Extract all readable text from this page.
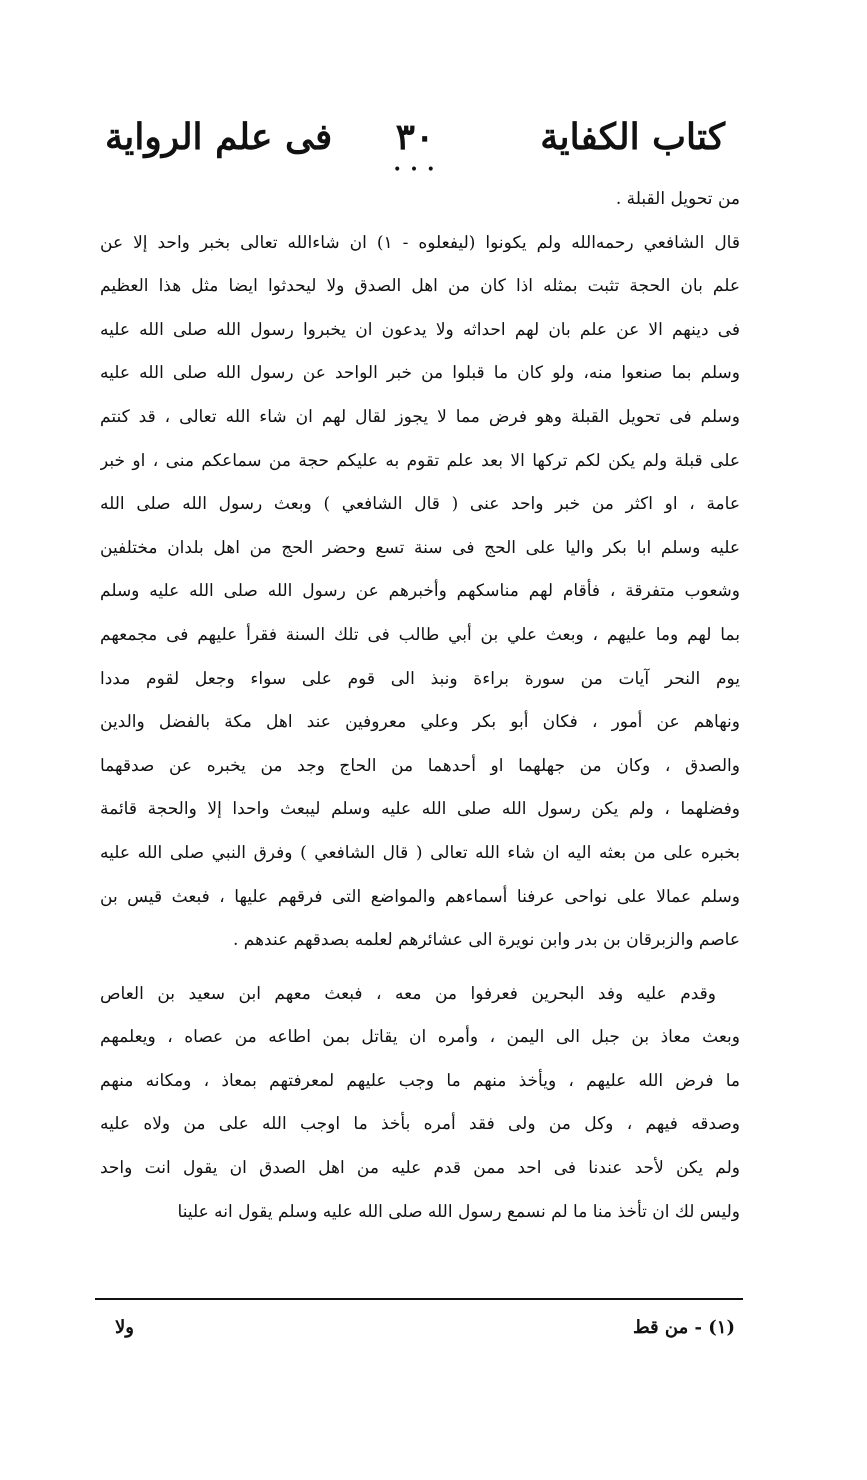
كتاب الكفاية
٣٠
• • •
فى علم الرواية
من تحويل القبلة .
قال الشافعي رحمه‌الله ولم يكونوا (ليفعلوه - ١) ان شاء‌الله تعالى بخبر واحد إلا عن
علم بان الحجة تثبت بمثله اذا كان من اهل الصدق ولا ليحدثوا ايضا مثل هذا العظيم
فى دينهم الا عن علم بان لهم احداثه ولا يدعون ان يخبروا رسول الله صلى الله عليه
وسلم بما صنعوا منه، ولو كان ما قبلوا من خبر الواحد عن رسول الله صلى الله عليه
وسلم فى تحويل القبلة وهو فرض مما لا يجوز لقال لهم ان شاء الله تعالى ، قد كنتم
على قبلة ولم يكن لكم تركها الا بعد علم تقوم به عليكم حجة من سماعكم منى ، او خبر
عامة ، او اكثر من خبر واحد عنى ( قال الشافعي ) وبعث رسول الله صلى الله
عليه وسلم ابا بكر واليا على الحج فى سنة تسع وحضر الحج من اهل بلدان مختلفين
وشعوب متفرقة ، فأقام لهم مناسكهم وأخبرهم عن رسول الله صلى الله عليه وسلم
بما لهم وما عليهم ، وبعث علي بن أبي طالب فى تلك السنة فقرأ عليهم فى مجمعهم
يوم النحر آيات من سورة براءة ونبذ الى قوم على سواء وجعل لقوم مددا
ونهاهم عن أمور ، فكان أبو بكر وعلي معروفين عند اهل مكة بالفضل والدين
والصدق ، وكان من جهلهما او أحدهما من الحاج وجد من يخبره عن صدقهما
وفضلهما ، ولم يكن رسول الله صلى الله عليه وسلم ليبعث واحدا إلا والحجة قائمة
بخبره على من بعثه اليه ان شاء الله تعالى ( قال الشافعي ) وفرق النبي صلى الله عليه
وسلم عمالا على نواحى عرفنا أسماءهم والمواضع التى فرقهم عليها ، فبعث قيس بن
عاصم والزبرقان بن بدر وابن نويرة الى عشائرهم لعلمه بصدقهم عندهم .
وقدم عليه وفد البحرين فعرفوا من معه ، فبعث معهم ابن سعيد بن العاص
وبعث معاذ بن جبل الى اليمن ، وأمره ان يقاتل بمن اطاعه من عصاه ، ويعلمهم
ما فرض الله عليهم ، ويأخذ منهم ما وجب عليهم لمعرفتهم بمعاذ ، ومكانه منهم
وصدقه فيهم ، وكل من ولى فقد أمره بأخذ ما اوجب الله على من ولاه عليه
ولم يكن لأحد عندنا فى احد ممن قدم عليه من اهل الصدق ان يقول انت واحد
وليس لك ان تأخذ منا ما لم نسمع رسول الله صلى الله عليه وسلم يقول انه علينا
(١) - من قط
ولا
